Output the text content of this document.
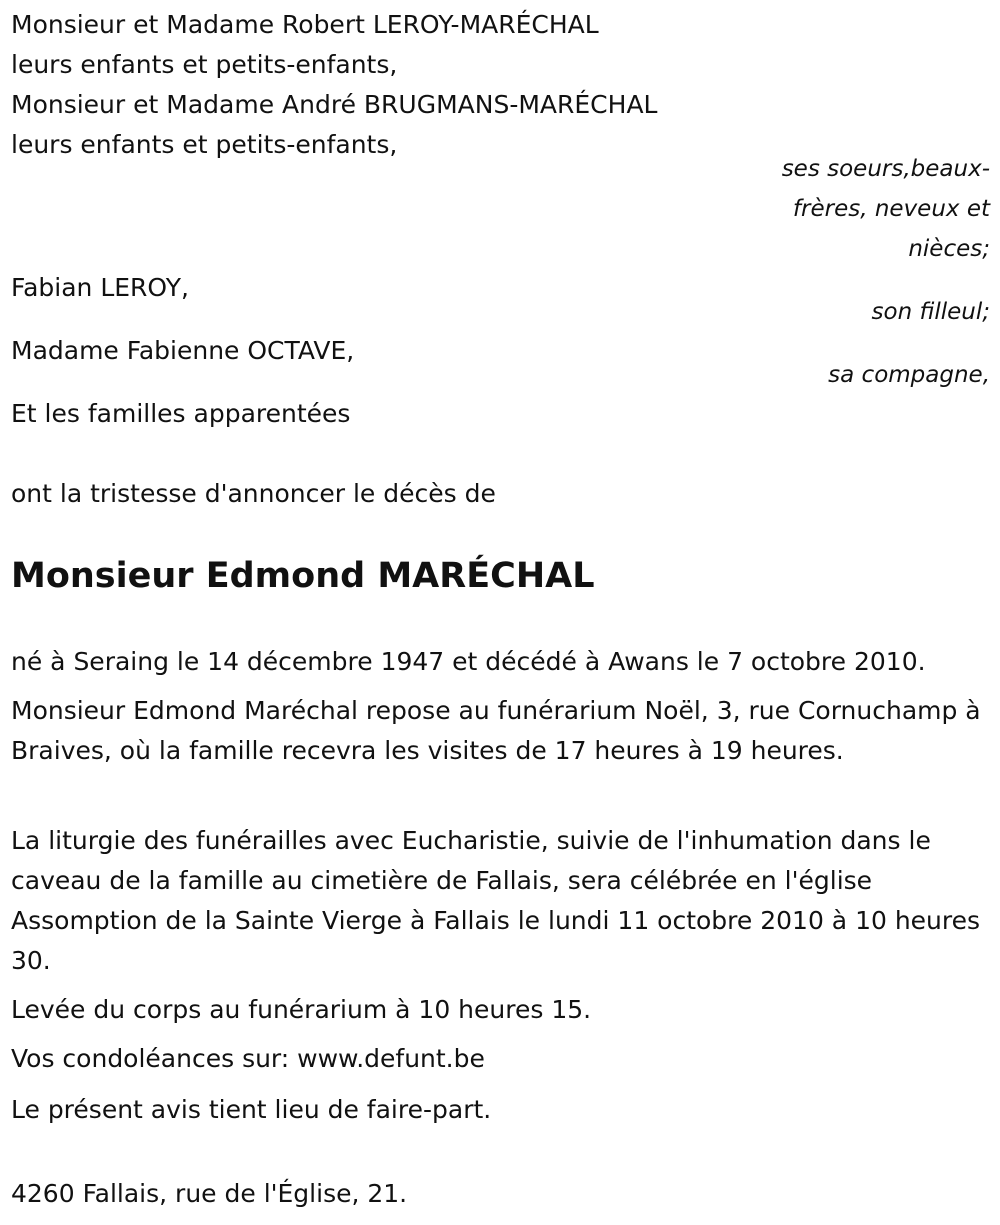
Monsieur et Madame Robert LEROY-MARÉCHAL
leurs enfants et petits-enfants,
Monsieur et Madame André BRUGMANS-MARÉCHAL
leurs enfants et petits-enfants,
ses soeurs,beaux-
frères, neveux et
nièces;
Fabian LEROY,
son filleul;
Madame Fabienne OCTAVE,
sa compagne,
Et les familles apparentées
ont la tristesse d'annoncer le décès de
Monsieur Edmond MARÉCHAL
né à Seraing le 14 décembre 1947 et décédé à Awans le 7 octobre 2010.
Monsieur Edmond Maréchal repose au funérarium Noël, 3, rue Cornuchamp à Braives, où la famille recevra les visites de 17 heures à 19 heures.
La liturgie des funérailles avec Eucharistie, suivie de l'inhumation dans le caveau de la famille au cimetière de Fallais, sera célébrée en l'église Assomption de la Sainte Vierge à Fallais le lundi 11 octobre 2010 à 10 heures 30.
Levée du corps au funérarium à 10 heures 15.
Vos condoléances sur: www.defunt.be
Le présent avis tient lieu de faire-part.
4260 Fallais, rue de l'Église, 21.
